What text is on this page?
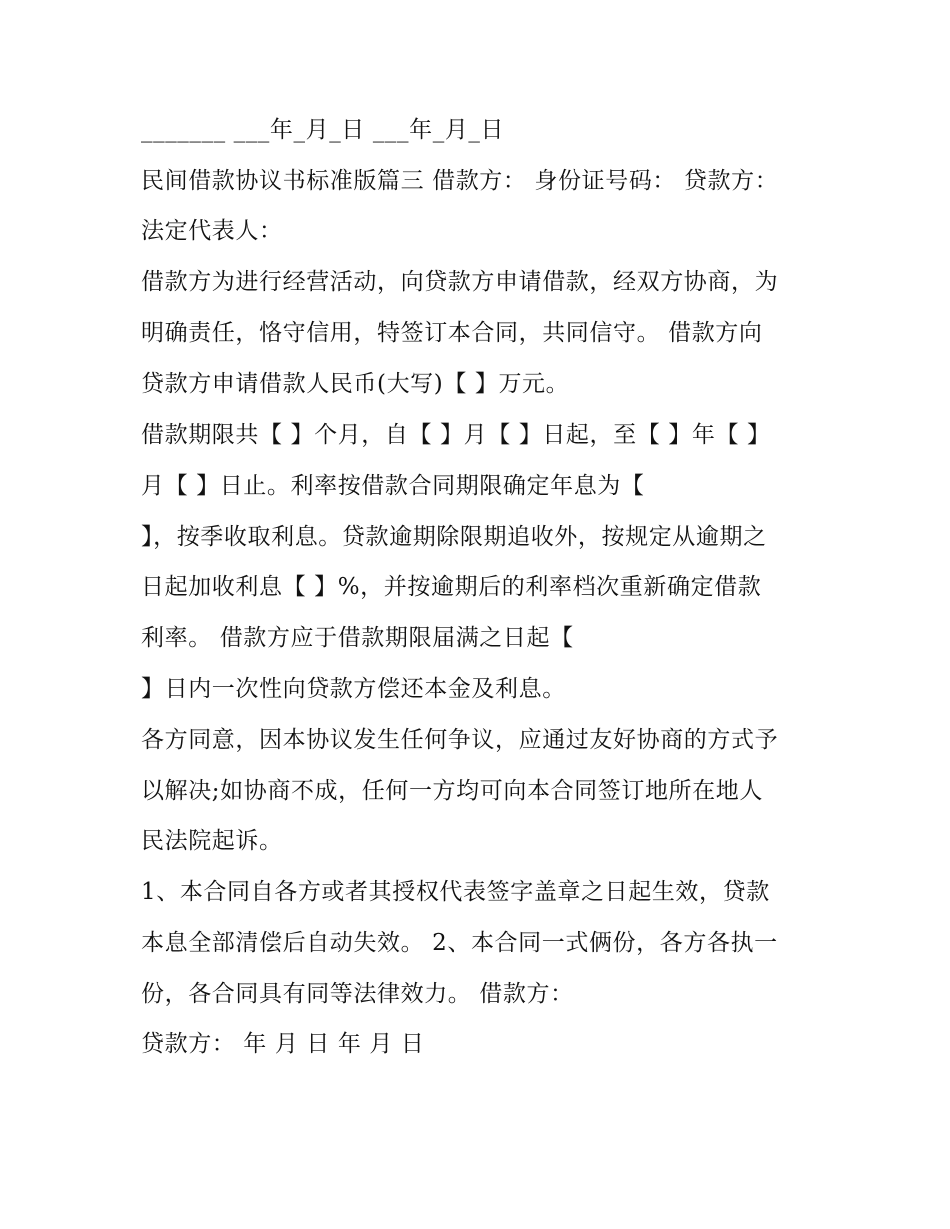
_______ ___年_月_日 ___年_月_日
民间借款协议书标准版篇三 借款方： 身份证号码： 贷款方：
法定代表人：
借款方为进行经营活动，向贷款方申请借款，经双方协商，为
明确责任，恪守信用，特签订本合同，共同信守。 借款方向
贷款方申请借款人民币(大写)【 】万元。
借款期限共【 】个月，自【 】月【 】日起，至【 】年【 】
月【 】日止。利率按借款合同期限确定年息为【
】，按季收取利息。贷款逾期除限期追收外，按规定从逾期之
日起加收利息【 】%，并按逾期后的利率档次重新确定借款
利率。 借款方应于借款期限届满之日起【
】日内一次性向贷款方偿还本金及利息。
各方同意，因本协议发生任何争议，应通过友好协商的方式予
以解决;如协商不成，任何一方均可向本合同签订地所在地人
民法院起诉。
1、本合同自各方或者其授权代表签字盖章之日起生效，贷款
本息全部清偿后自动失效。 2、本合同一式俩份，各方各执一
份，各合同具有同等法律效力。 借款方：
贷款方： 年 月 日 年 月 日
